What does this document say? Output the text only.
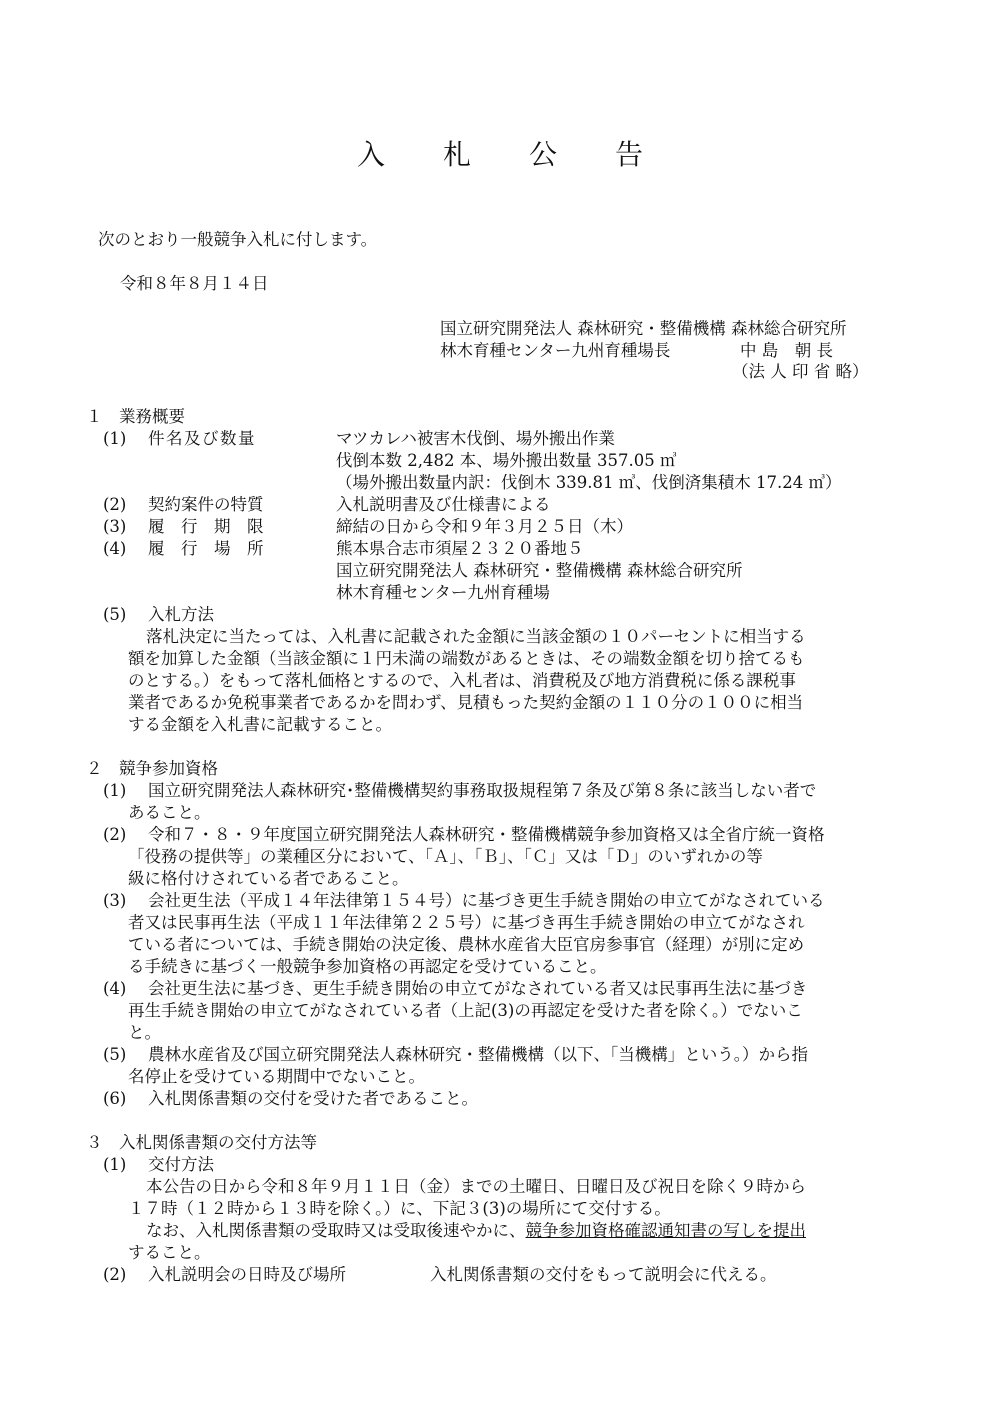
入 札 公 告
次のとおり一般競争入札に付します。
令和８年８月１４日
国立研究開発法人 森林研究・整備機構 森林総合研究所
林木育種センター九州育種場長	中 島　朝 長
（法 人 印 省 略）
１　業務概要
(1) 件名及び数量	マツカレハ被害木伐倒、場外搬出作業
伐倒本数 2,482 本、場外搬出数量 357.05 ㎥
（場外搬出数量内訳：伐倒木 339.81 ㎥、伐倒済集積木 17.24 ㎥）
(2) 契約案件の特質	入札説明書及び仕様書による
(3) 履　行　期　限	締結の日から令和９年３月２５日（木）
(4) 履　行　場　所	熊本県合志市須屋２３２０番地５
国立研究開発法人 森林研究・整備機構 森林総合研究所
林木育種センター九州育種場
(5) 入札方法
落札決定に当たっては、入札書に記載された金額に当該金額の１０パーセントに相当する
額を加算した金額（当該金額に１円未満の端数があるときは、その端数金額を切り捨てるも
のとする。）をもって落札価格とするので、入札者は、消費税及び地方消費税に係る課税事
業者であるか免税事業者であるかを問わず、見積もった契約金額の１１０分の１００に相当
する金額を入札書に記載すること。
２　競争参加資格
(1) 国立研究開発法人森林研究･整備機構契約事務取扱規程第７条及び第８条に該当しない者で
あること。
(2) 令和７・８・９年度国立研究開発法人森林研究・整備機構競争参加資格又は全省庁統一資格
「役務の提供等」の業種区分において、「Ａ」、「Ｂ」、「Ｃ」又は「Ｄ」のいずれかの等
級に格付けされている者であること。
(3) 会社更生法（平成１４年法律第１５４号）に基づき更生手続き開始の申立てがなされている
者又は民事再生法（平成１１年法律第２２５号）に基づき再生手続き開始の申立てがなされ
ている者については、手続き開始の決定後、農林水産省大臣官房参事官（経理）が別に定め
る手続きに基づく一般競争参加資格の再認定を受けていること。
(4) 会社更生法に基づき、更生手続き開始の申立てがなされている者又は民事再生法に基づき
再生手続き開始の申立てがなされている者（上記(3)の再認定を受けた者を除く。）でないこ
と。
(5) 農林水産省及び国立研究開発法人森林研究・整備機構（以下、「当機構」という。）から指
名停止を受けている期間中でないこと。
(6) 入札関係書類の交付を受けた者であること。
３　入札関係書類の交付方法等
(1) 交付方法
本公告の日から令和８年９月１１日（金）までの土曜日、日曜日及び祝日を除く９時から
１７時（１２時から１３時を除く。）に、下記３(3)の場所にて交付する。
なお、入札関係書類の受取時又は受取後速やかに、競争参加資格確認通知書の写しを提出
すること。
(2) 入札説明会の日時及び場所	入札関係書類の交付をもって説明会に代える。
